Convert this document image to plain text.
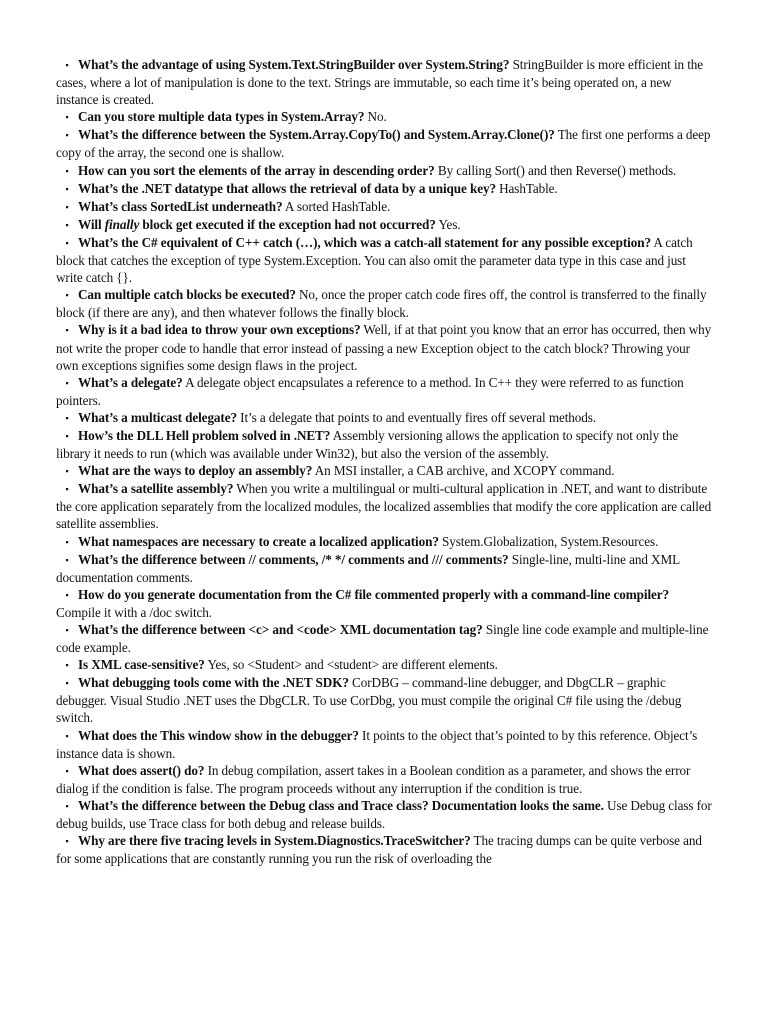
▪ What’s the advantage of using System.Text.StringBuilder over System.String? StringBuilder is more efficient in the cases, where a lot of manipulation is done to the text. Strings are immutable, so each time it’s being operated on, a new instance is created.

▪ Can you store multiple data types in System.Array? No.

▪ What’s the difference between the System.Array.CopyTo() and System.Array.Clone()? The first one performs a deep copy of the array, the second one is shallow.

▪ How can you sort the elements of the array in descending order? By calling Sort() and then Reverse() methods.

▪ What’s the .NET datatype that allows the retrieval of data by a unique key? HashTable.

▪ What’s class SortedList underneath? A sorted HashTable.

▪ Will finally block get executed if the exception had not occurred? Yes.

▪ What’s the C# equivalent of C++ catch (…), which was a catch-all statement for any possible exception? A catch block that catches the exception of type System.Exception. You can also omit the parameter data type in this case and just write catch {}.

▪ Can multiple catch blocks be executed? No, once the proper catch code fires off, the control is transferred to the finally block (if there are any), and then whatever follows the finally block.

▪ Why is it a bad idea to throw your own exceptions? Well, if at that point you know that an error has occurred, then why not write the proper code to handle that error instead of passing a new Exception object to the catch block? Throwing your own exceptions signifies some design flaws in the project.

▪ What’s a delegate? A delegate object encapsulates a reference to a method. In C++ they were referred to as function pointers.

▪ What’s a multicast delegate? It’s a delegate that points to and eventually fires off several methods.

▪ How’s the DLL Hell problem solved in .NET? Assembly versioning allows the application to specify not only the library it needs to run (which was available under Win32), but also the version of the assembly.

▪ What are the ways to deploy an assembly? An MSI installer, a CAB archive, and XCOPY command.

▪ What’s a satellite assembly? When you write a multilingual or multi-cultural application in .NET, and want to distribute the core application separately from the localized modules, the localized assemblies that modify the core application are called satellite assemblies.

▪ What namespaces are necessary to create a localized application? System.Globalization, System.Resources.

▪ What’s the difference between // comments, /* */ comments and /// comments? Single-line, multi-line and XML documentation comments.

▪ How do you generate documentation from the C# file commented properly with a command-line compiler? Compile it with a /doc switch.

▪ What’s the difference between <c> and <code> XML documentation tag? Single line code example and multiple-line code example.

▪ Is XML case-sensitive? Yes, so <Student> and <student> are different elements.

▪ What debugging tools come with the .NET SDK? CorDBG – command-line debugger, and DbgCLR – graphic debugger. Visual Studio .NET uses the DbgCLR. To use CorDbg, you must compile the original C# file using the /debug switch.

▪ What does the This window show in the debugger? It points to the object that’s pointed to by this reference. Object’s instance data is shown.

▪ What does assert() do? In debug compilation, assert takes in a Boolean condition as a parameter, and shows the error dialog if the condition is false. The program proceeds without any interruption if the condition is true.

▪ What’s the difference between the Debug class and Trace class? Documentation looks the same. Use Debug class for debug builds, use Trace class for both debug and release builds.

▪ Why are there five tracing levels in System.Diagnostics.TraceSwitcher? The tracing dumps can be quite verbose and for some applications that are constantly running you run the risk of overloading the
